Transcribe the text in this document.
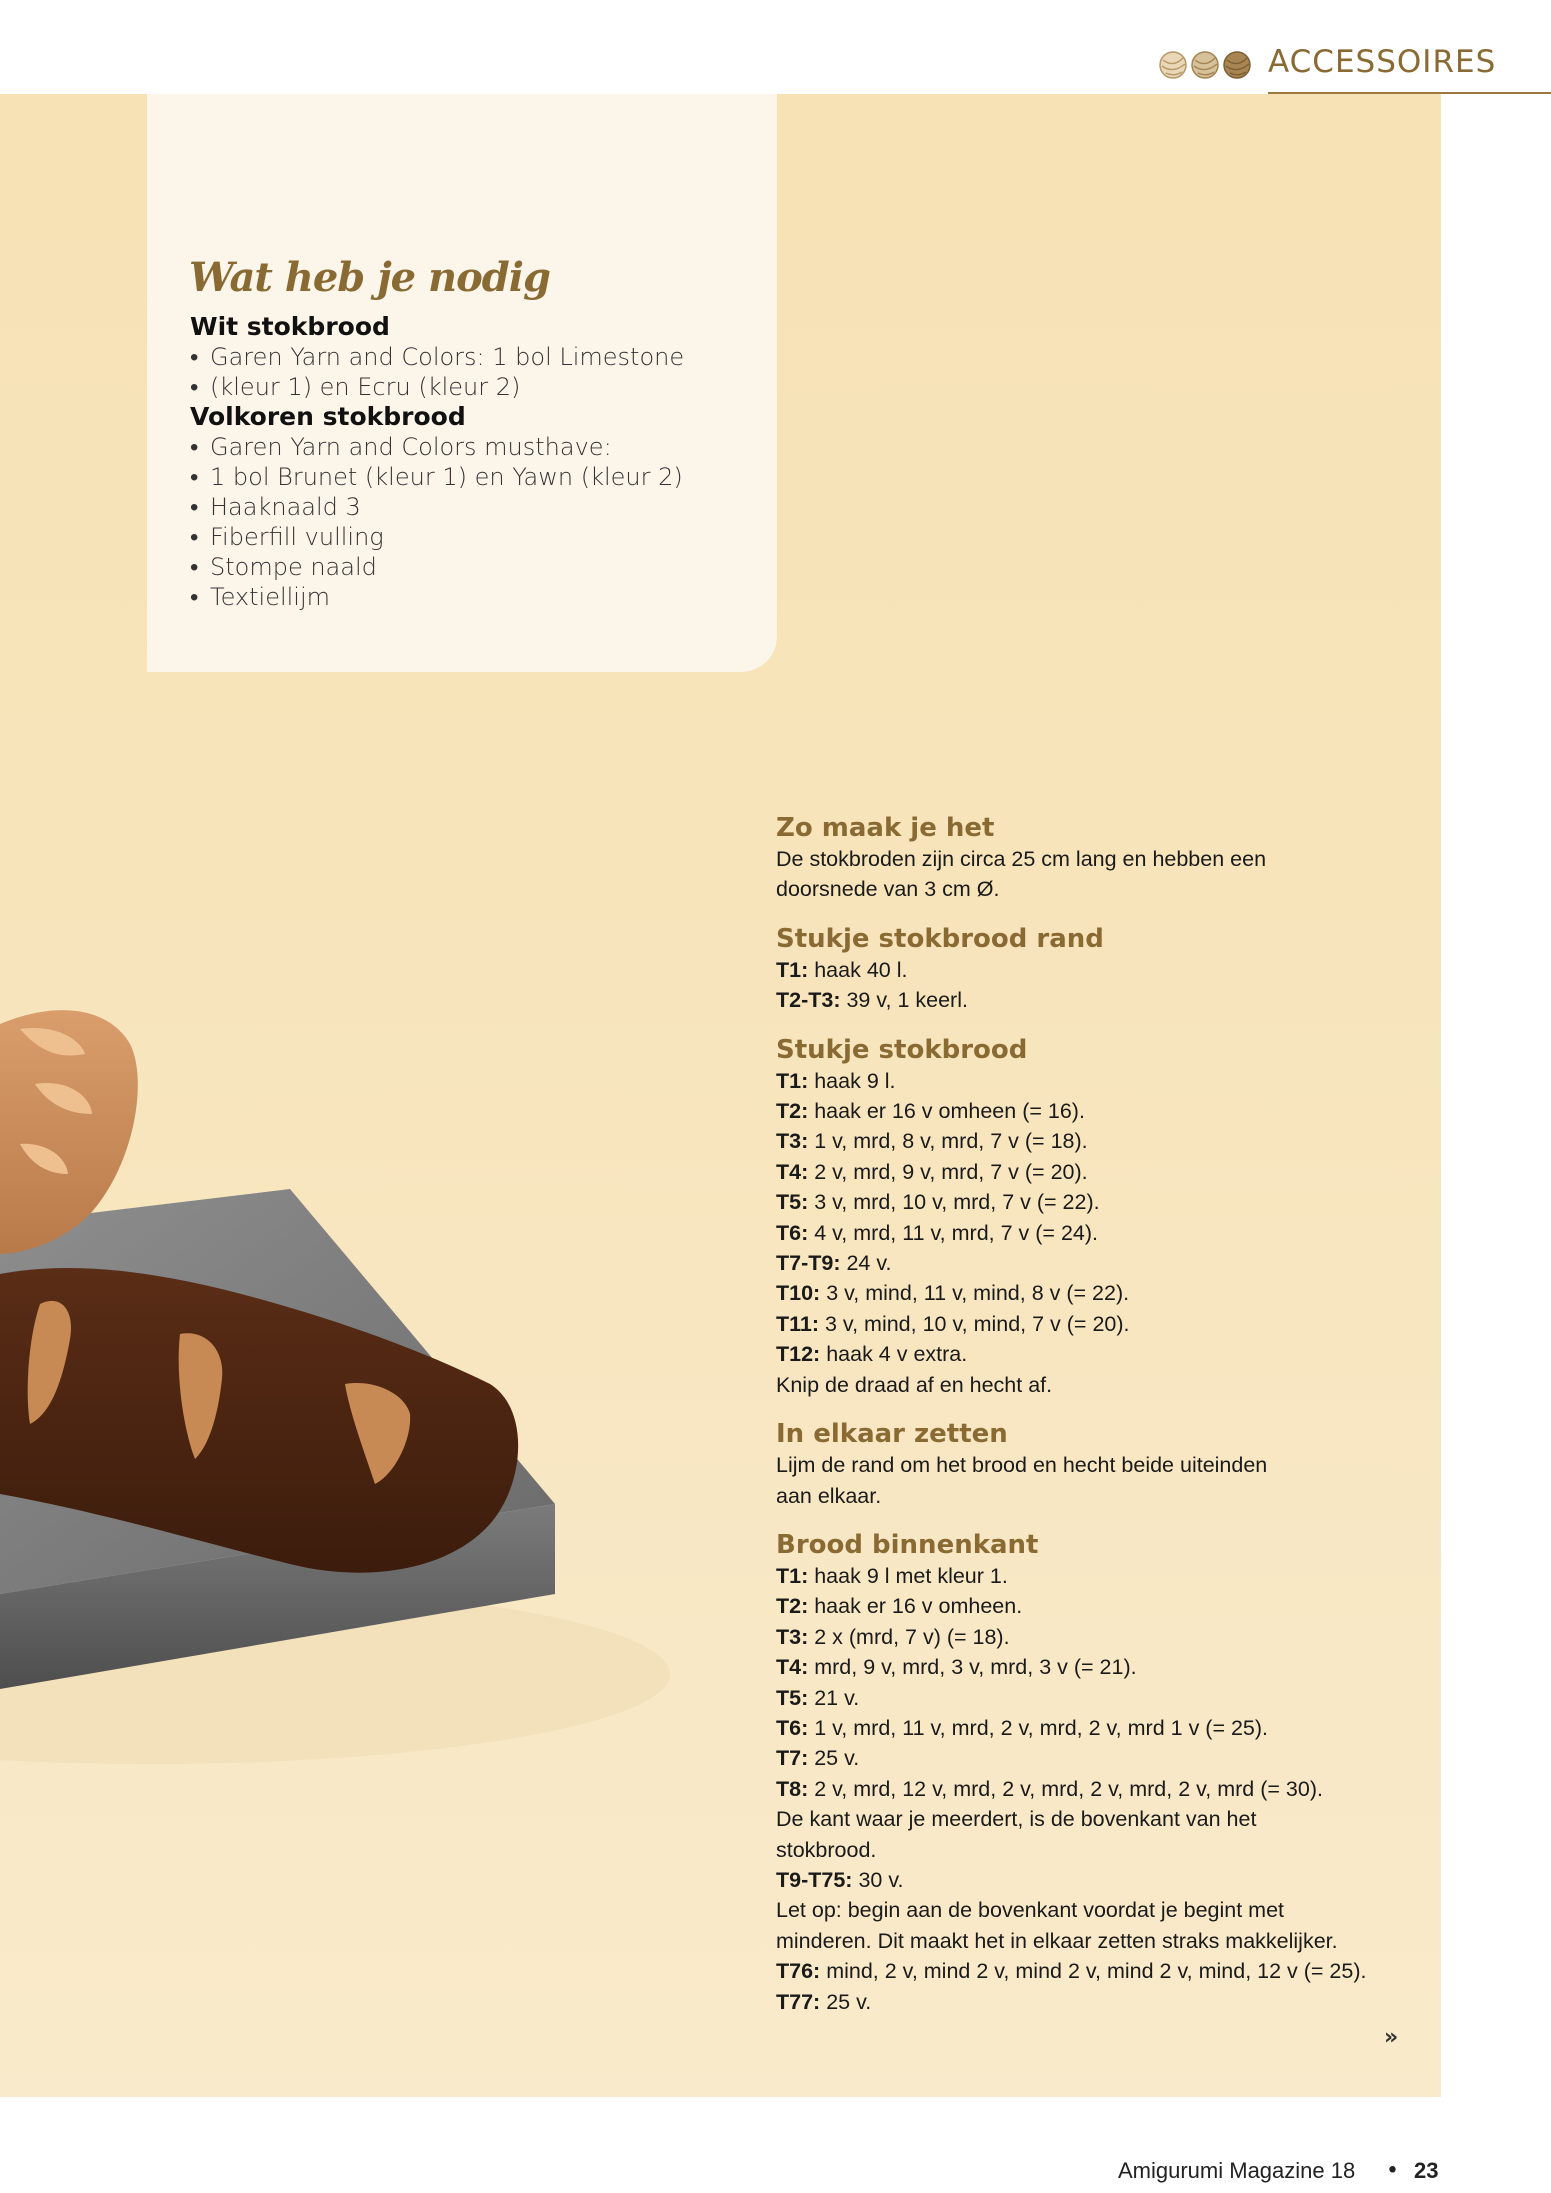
ACCESSOIRES
Wat heb je nodig
Wit stokbrood
• Garen Yarn and Colors: 1 bol Limestone
• (kleur 1) en Ecru (kleur 2)
Volkoren stokbrood
• Garen Yarn and Colors musthave:
• 1 bol Brunet (kleur 1) en Yawn (kleur 2)
• Haaknaald 3
• Fiberfill vulling
• Stompe naald
• Textiellijm
Zo maak je het
De stokbroden zijn circa 25 cm lang en hebben een
doorsnede van 3 cm Ø.
Stukje stokbrood rand
T1: haak 40 l.
T2-T3: 39 v, 1 keerl.
Stukje stokbrood
T1: haak 9 l.
T2: haak er 16 v omheen (= 16).
T3: 1 v, mrd, 8 v, mrd, 7 v (= 18).
T4: 2 v, mrd, 9 v, mrd, 7 v (= 20).
T5: 3 v, mrd, 10 v, mrd, 7 v (= 22).
T6: 4 v, mrd, 11 v, mrd, 7 v (= 24).
T7-T9: 24 v.
T10: 3 v, mind, 11 v, mind, 8 v (= 22).
T11: 3 v, mind, 10 v, mind, 7 v (= 20).
T12: haak 4 v extra.
Knip de draad af en hecht af.
In elkaar zetten
Lijm de rand om het brood en hecht beide uiteinden
aan elkaar.
Brood binnenkant
T1: haak 9 l met kleur 1.
T2: haak er 16 v omheen.
T3: 2 x (mrd, 7 v) (= 18).
T4: mrd, 9 v, mrd, 3 v, mrd, 3 v (= 21).
T5: 21 v.
T6: 1 v, mrd, 11 v, mrd, 2 v, mrd, 2 v, mrd 1 v (= 25).
T7: 25 v.
T8: 2 v, mrd, 12 v, mrd, 2 v, mrd, 2 v, mrd, 2 v, mrd (= 30).
De kant waar je meerdert, is de bovenkant van het
stokbrood.
T9-T75: 30 v.
Let op: begin aan de bovenkant voordat je begint met
minderen. Dit maakt het in elkaar zetten straks makkelijker.
T76: mind, 2 v, mind 2 v, mind 2 v, mind 2 v, mind, 12 v (= 25).
T77: 25 v.
»
Amigurumi Magazine 18 • 23
